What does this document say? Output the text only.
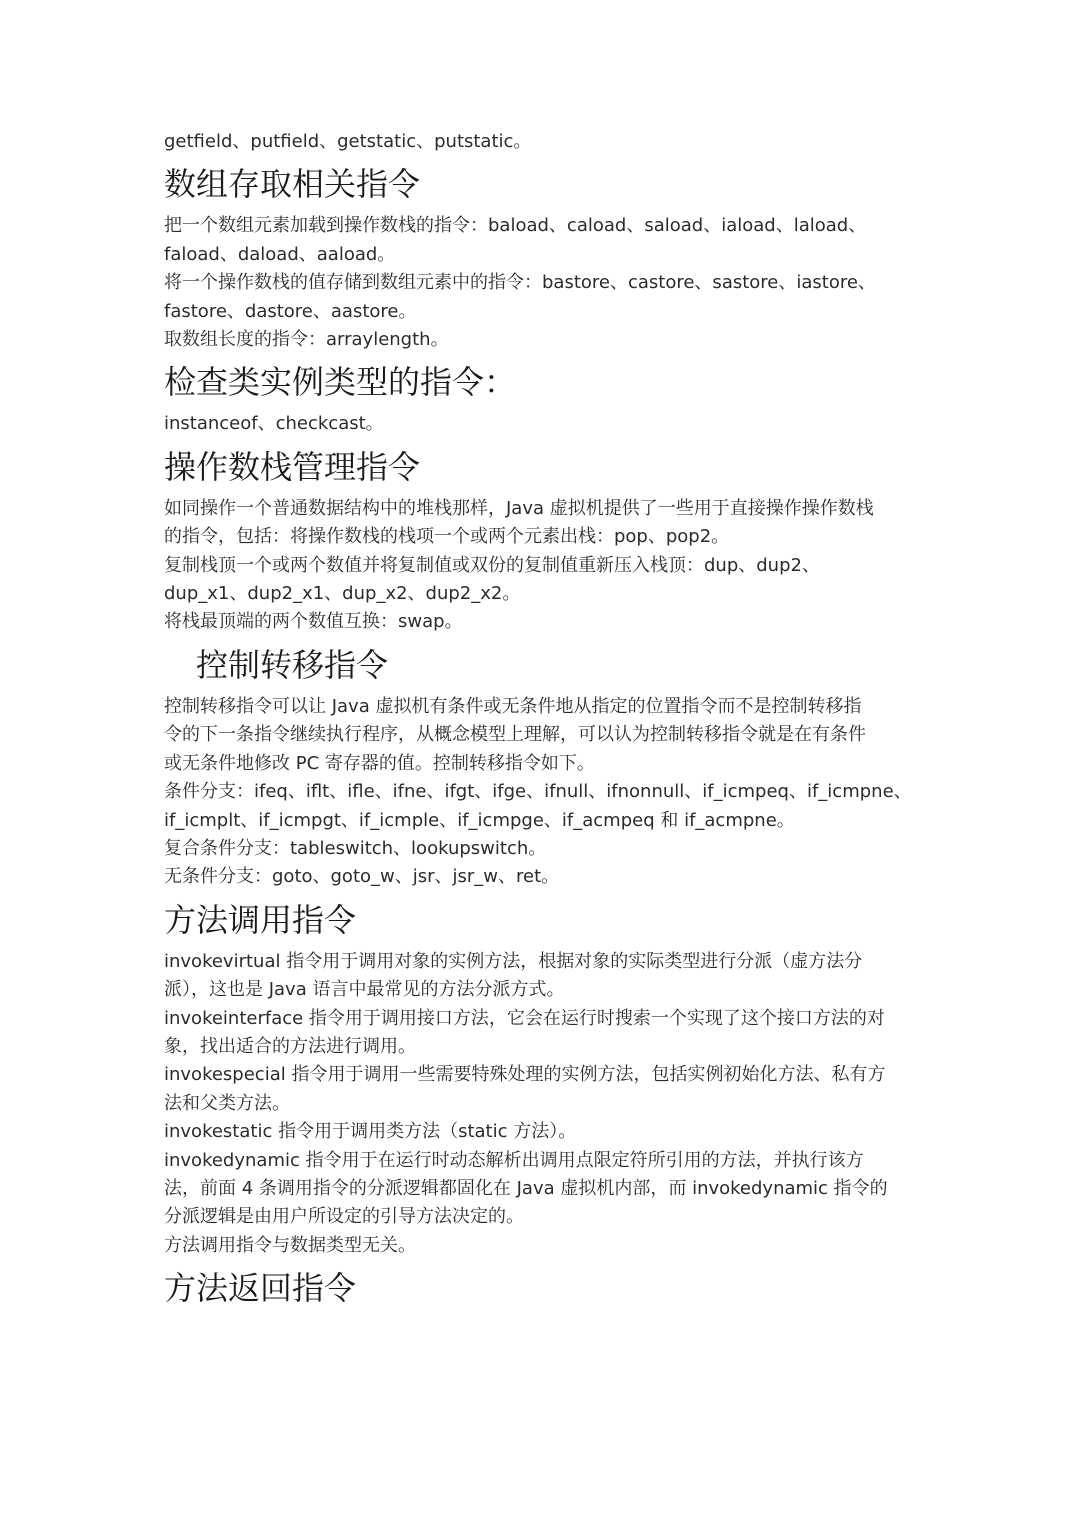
getfield、putfield、getstatic、putstatic。
数组存取相关指令
把一个数组元素加载到操作数栈的指令：baload、caload、saload、iaload、laload、
faload、daload、aaload。
将一个操作数栈的值存储到数组元素中的指令：bastore、castore、sastore、iastore、
fastore、dastore、aastore。
取数组长度的指令：arraylength。
检查类实例类型的指令：
instanceof、checkcast。
操作数栈管理指令
如同操作一个普通数据结构中的堆栈那样，Java 虚拟机提供了一些用于直接操作操作数栈
的指令，包括：将操作数栈的栈项一个或两个元素出栈：pop、pop2。
复制栈顶一个或两个数值并将复制值或双份的复制值重新压入栈顶：dup、dup2、
dup_x1、dup2_x1、dup_x2、dup2_x2。
将栈最顶端的两个数值互换：swap。
控制转移指令
控制转移指令可以让 Java 虚拟机有条件或无条件地从指定的位置指令而不是控制转移指
令的下一条指令继续执行程序，从概念模型上理解，可以认为控制转移指令就是在有条件
或无条件地修改 PC 寄存器的值。控制转移指令如下。
条件分支：ifeq、iflt、ifle、ifne、ifgt、ifge、ifnull、ifnonnull、if_icmpeq、if_icmpne、
if_icmplt、if_icmpgt、if_icmple、if_icmpge、if_acmpeq 和 if_acmpne。
复合条件分支：tableswitch、lookupswitch。
无条件分支：goto、goto_w、jsr、jsr_w、ret。
方法调用指令
invokevirtual 指令用于调用对象的实例方法，根据对象的实际类型进行分派（虚方法分
派），这也是 Java 语言中最常见的方法分派方式。
invokeinterface 指令用于调用接口方法，它会在运行时搜索一个实现了这个接口方法的对
象，找出适合的方法进行调用。
invokespecial 指令用于调用一些需要特殊处理的实例方法，包括实例初始化方法、私有方
法和父类方法。
invokestatic 指令用于调用类方法（static 方法）。
invokedynamic 指令用于在运行时动态解析出调用点限定符所引用的方法，并执行该方
法，前面 4 条调用指令的分派逻辑都固化在 Java 虚拟机内部，而 invokedynamic 指令的
分派逻辑是由用户所设定的引导方法决定的。
方法调用指令与数据类型无关。
方法返回指令
